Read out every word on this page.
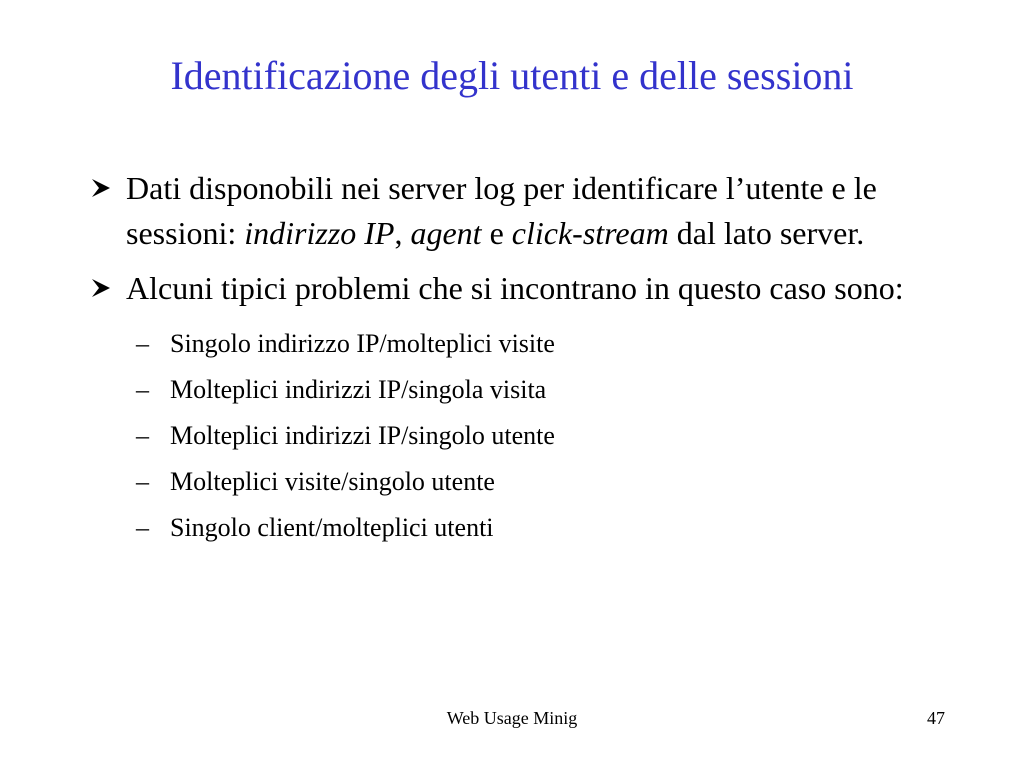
Identificazione degli utenti e delle sessioni
Dati disponobili nei server log per identificare l’utente e le sessioni: indirizzo IP, agent e click-stream dal lato server.
Alcuni tipici problemi che si incontrano in questo caso sono:
– Singolo indirizzo IP/molteplici visite
– Molteplici indirizzi IP/singola visita
– Molteplici indirizzi IP/singolo utente
– Molteplici visite/singolo utente
– Singolo client/molteplici utenti
Web Usage Minig	47
